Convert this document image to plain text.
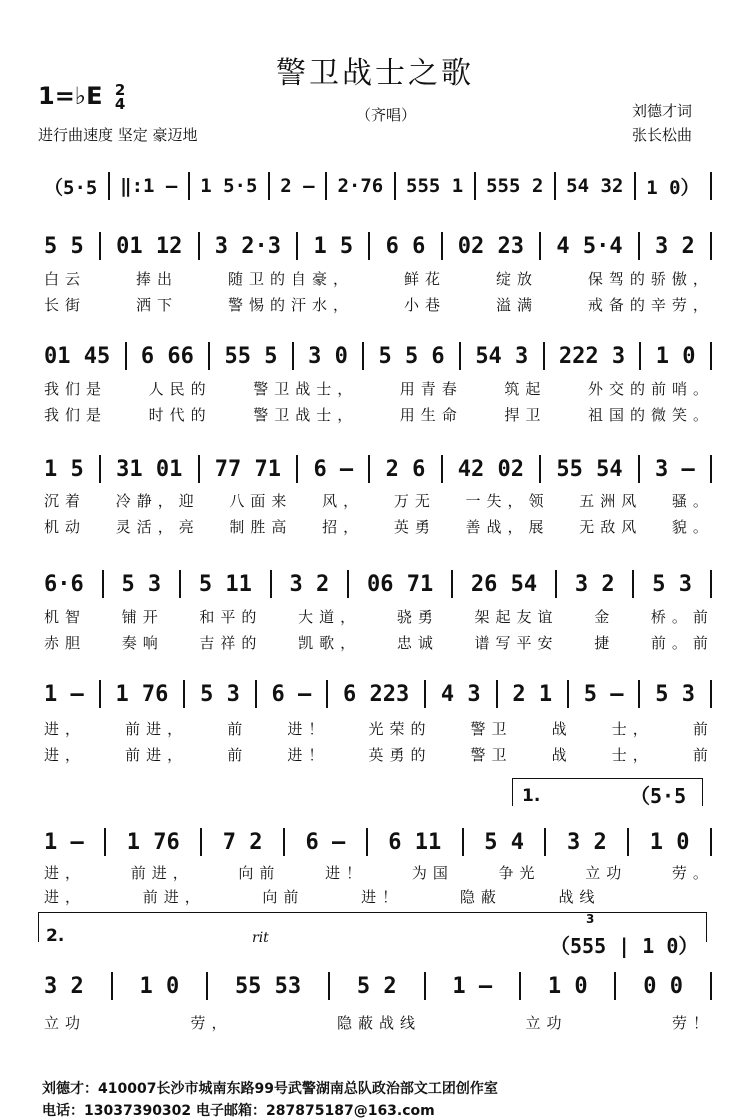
警卫战士之歌
1=♭E 2
4
（齐唱）
进行曲速度 坚定 豪迈地
刘德才词
张长松曲
（5·5 ‖:1 – 1 5·5 2 – 2·76 555 1 555 2 54 32 1 0）
5 5 01 12 3 2·3 1 5 6 6 02 23 4 5·4 3 2
白云	捧出	随卫的自豪，	鲜花	绽放	保驾的骄傲，
长街	洒下	警惕的汗水，	小巷	溢满	戒备的辛劳，
01 45 6 66 55 5 3 0 5 5 6 54 3 222 3 1 0
我们是	人民的	警卫战士，	用青春	筑起	外交的前哨。
我们是	时代的	警卫战士，	用生命	捍卫	祖国的微笑。
1 5 31 01 77 71 6 – 2 6 42 02 55 54 3 –
沉着 冷静，迎 八面来 风， 万无 一失，领 五洲风 骚。
机动 灵活，亮 制胜高 招， 英勇 善战，展 无敌风 貌。
6·6 5 3 5 11 3 2 06 71 26 54 3 2 5 3
机智 铺开 和平的 大道， 骁勇 架起友谊 金 桥。前
赤胆 奏响 吉祥的 凯歌， 忠诚 谱写平安 捷 前。前
1 – 1 76 5 3 6 – 6 223 4 3 2 1 5 – 5 3
进，	前进，	前	进！	光荣的	警卫	战	士，	前
进，	前进，	前	进！	英勇的	警卫	战	士，	前
1 – 1 76 7 2 6 – 6 11 5 4 3 2 1 0
进，	前进，	向前	进！	为国	争光	立功	劳。
进，	前进，	向前	进！	隐蔽	战线
3 2	1 0	55 53	5 2	1 –	1 0	0 0
立功	劳，	隐蔽战线	立功	劳！
1.	（5·5
2.	rit
3
（555 | 1 0）
刘德才：410007长沙市城南东路99号武警湖南总队政治部文工团创作室
电话：13037390302 电子邮箱：287875187@163.com
